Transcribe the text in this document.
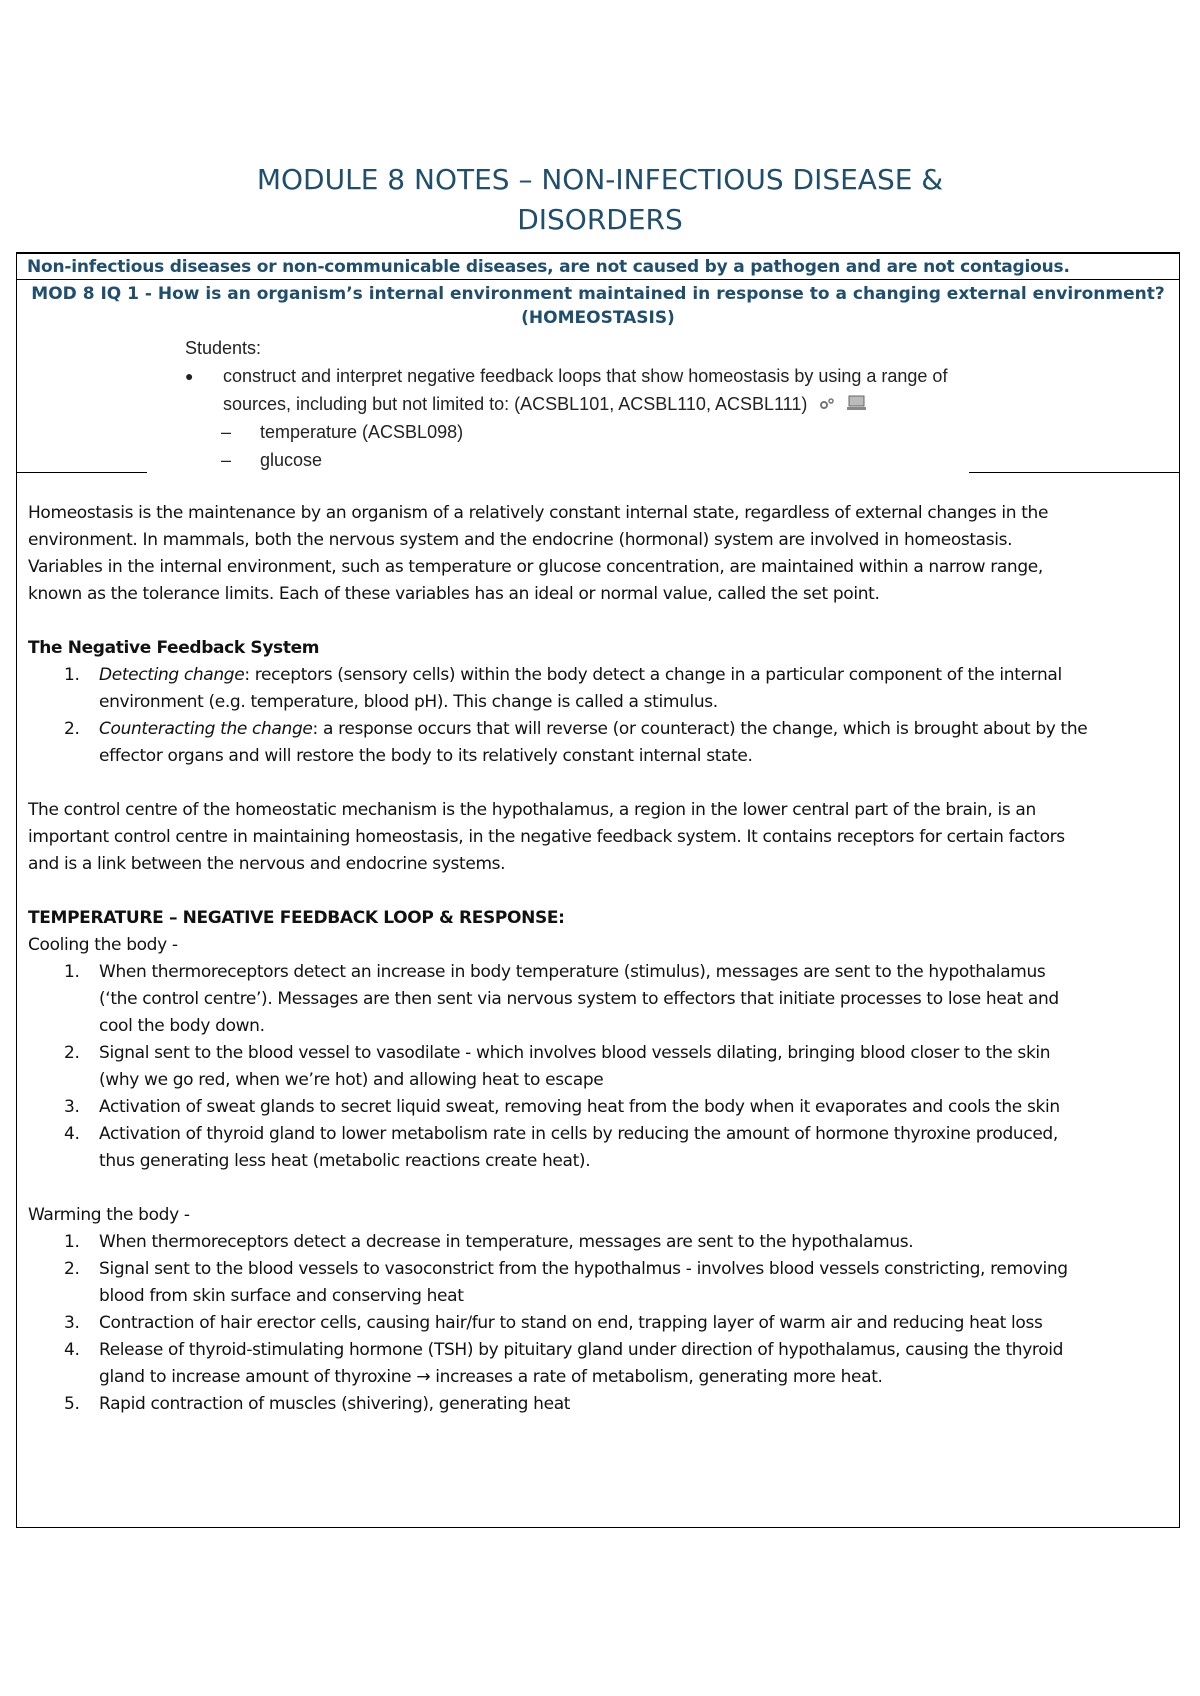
MODULE 8 NOTES – NON-INFECTIOUS DISEASE &
DISORDERS
Non-infectious diseases or non-communicable diseases, are not caused by a pathogen and are not contagious.
MOD 8 IQ 1 - How is an organism’s internal environment maintained in response to a changing external environment?
(HOMEOSTASIS)
Students:
● construct and interpret negative feedback loops that show homeostasis by using a range of
sources, including but not limited to: (ACSBL101, ACSBL110, ACSBL111)
– temperature (ACSBL098)
– glucose

Homeostasis is the maintenance by an organism of a relatively constant internal state, regardless of external changes in the

environment. In mammals, both the nervous system and the endocrine (hormonal) system are involved in homeostasis.

Variables in the internal environment, such as temperature or glucose concentration, are maintained within a narrow range,

known as the tolerance limits. Each of these variables has an ideal or normal value, called the set point.

The Negative Feedback System

1. Detecting change: receptors (sensory cells) within the body detect a change in a particular component of the internal
environment (e.g. temperature, blood pH). This change is called a stimulus.
2. Counteracting the change: a response occurs that will reverse (or counteract) the change, which is brought about by the
effector organs and will restore the body to its relatively constant internal state.

The control centre of the homeostatic mechanism is the hypothalamus, a region in the lower central part of the brain, is an

important control centre in maintaining homeostasis, in the negative feedback system. It contains receptors for certain factors

and is a link between the nervous and endocrine systems.

TEMPERATURE – NEGATIVE FEEDBACK LOOP & RESPONSE:

Cooling the body -

1. When thermoreceptors detect an increase in body temperature (stimulus), messages are sent to the hypothalamus
(‘the control centre’). Messages are then sent via nervous system to effectors that initiate processes to lose heat and
cool the body down.
2. Signal sent to the blood vessel to vasodilate - which involves blood vessels dilating, bringing blood closer to the skin
(why we go red, when we’re hot) and allowing heat to escape
3. Activation of sweat glands to secret liquid sweat, removing heat from the body when it evaporates and cools the skin
4. Activation of thyroid gland to lower metabolism rate in cells by reducing the amount of hormone thyroxine produced,
thus generating less heat (metabolic reactions create heat).

Warming the body -

1. When thermoreceptors detect a decrease in temperature, messages are sent to the hypothalamus.
2. Signal sent to the blood vessels to vasoconstrict from the hypothalmus - involves blood vessels constricting, removing
blood from skin surface and conserving heat
3. Contraction of hair erector cells, causing hair/fur to stand on end, trapping layer of warm air and reducing heat loss
4. Release of thyroid-stimulating hormone (TSH) by pituitary gland under direction of hypothalamus, causing the thyroid
gland to increase amount of thyroxine → increases a rate of metabolism, generating more heat.
5. Rapid contraction of muscles (shivering), generating heat
